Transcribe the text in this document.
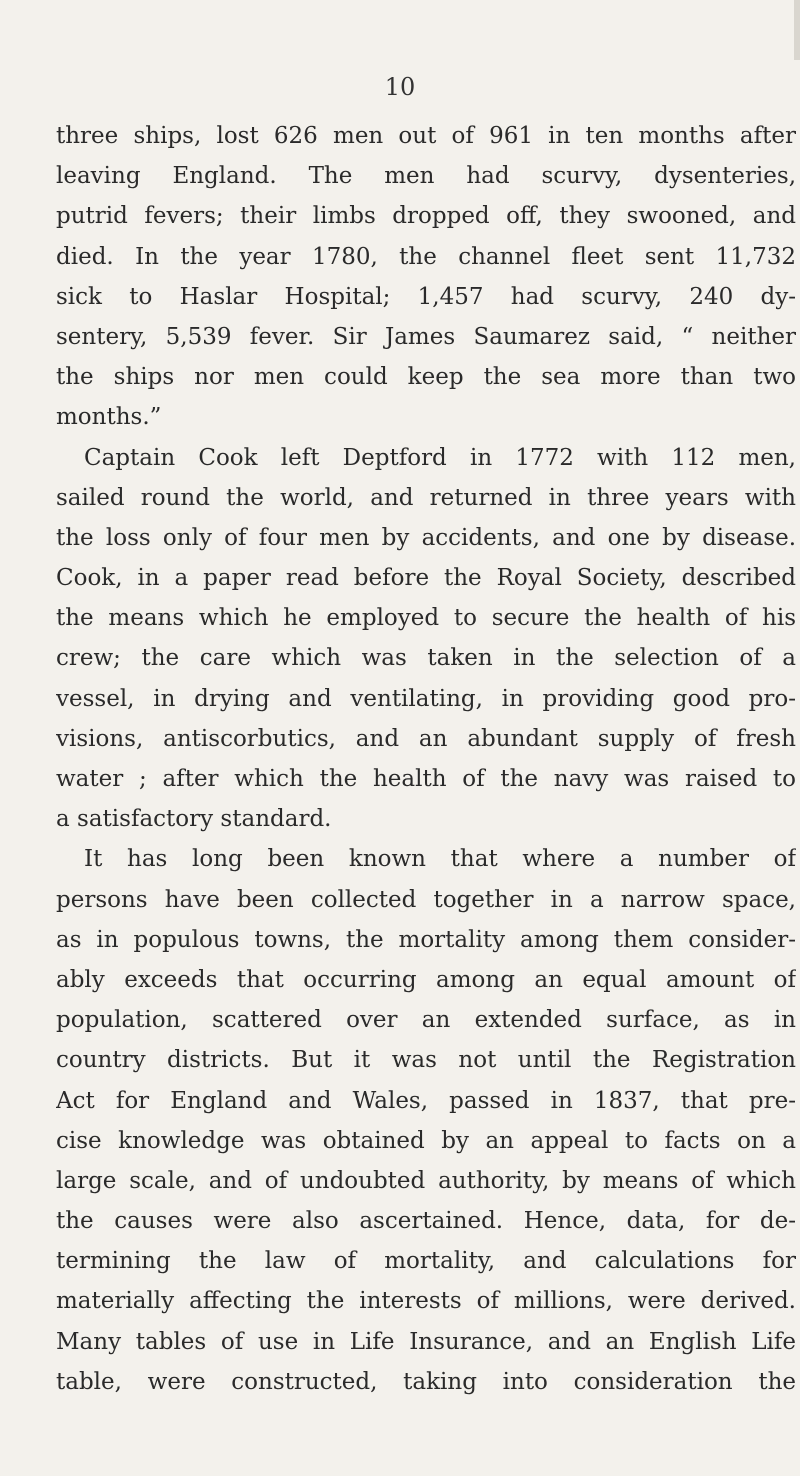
10
three ships, lost 626 men out of 961 in ten months after
leaving England. The men had scurvy, dysenteries,
putrid fevers; their limbs dropped off, they swooned, and
died. In the year 1780, the channel fleet sent 11,732
sick to Haslar Hospital; 1,457 had scurvy, 240 dy-
sentery, 5,539 fever. Sir James Saumarez said, “ neither
the ships nor men could keep the sea more than two
months.”
Captain Cook left Deptford in 1772 with 112 men,
sailed round the world, and returned in three years with
the loss only of four men by accidents, and one by disease.
Cook, in a paper read before the Royal Society, described
the means which he employed to secure the health of his
crew; the care which was taken in the selection of a
vessel, in drying and ventilating, in providing good pro-
visions, antiscorbutics, and an abundant supply of fresh
water ; after which the health of the navy was raised to
a satisfactory standard.
It has long been known that where a number of
persons have been collected together in a narrow space,
as in populous towns, the mortality among them consider-
ably exceeds that occurring among an equal amount of
population, scattered over an extended surface, as in
country districts. But it was not until the Registration
Act for England and Wales, passed in 1837, that pre-
cise knowledge was obtained by an appeal to facts on a
large scale, and of undoubted authority, by means of which
the causes were also ascertained. Hence, data, for de-
termining the law of mortality, and calculations for
materially affecting the interests of millions, were derived.
Many tables of use in Life Insurance, and an English Life
table, were constructed, taking into consideration the
